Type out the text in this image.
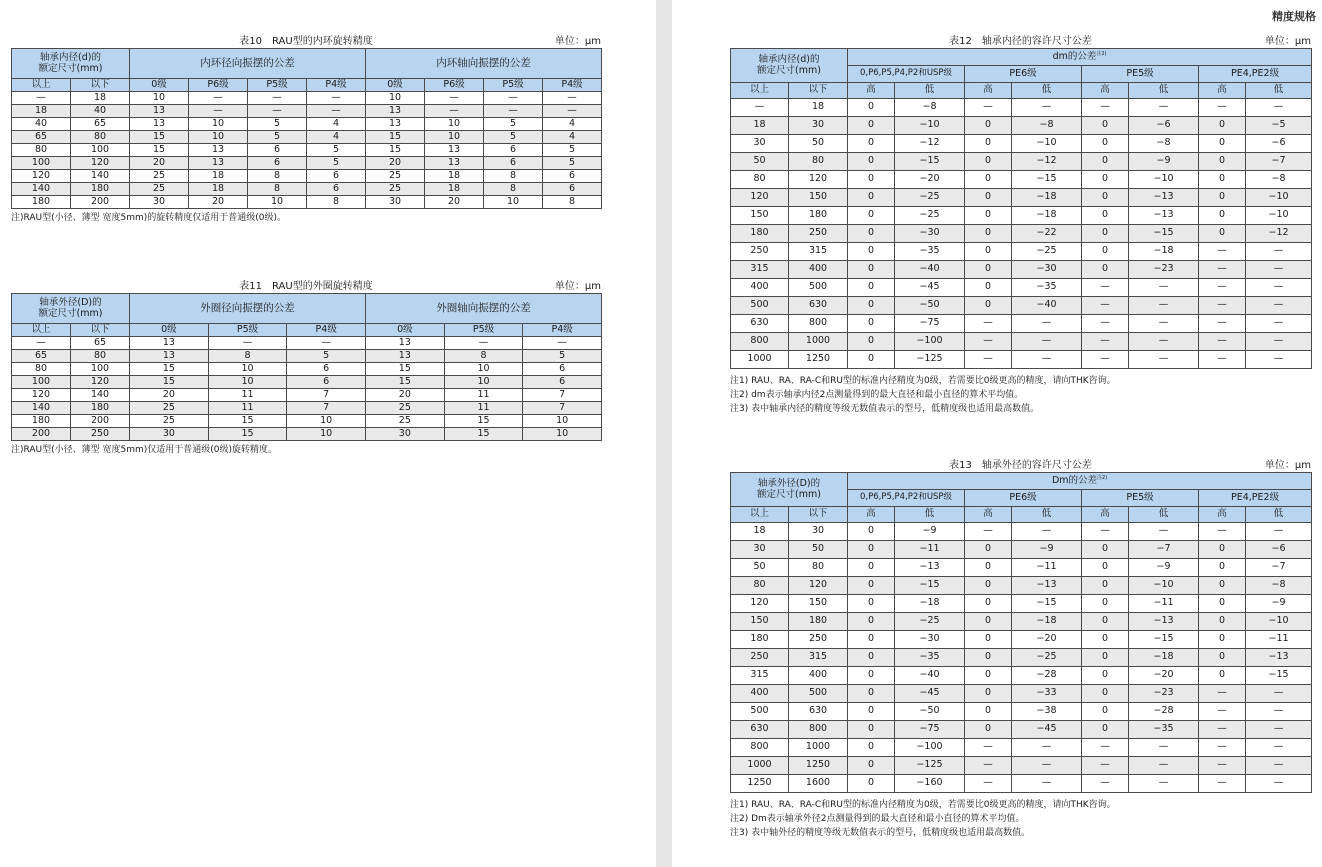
表10　RAU型的内环旋转精度	单位：μm
轴承内径(d)的
额定尺寸(mm)		内环径向振摆的公差				内环轴向振摆的公差			
以上	以下	0级	P6级	P5级	P4级	0级	P6级	P5级	P4级
—	18	10	—	—	—	10	—	—	—
18	40	13	—	—	—	13	—	—	—
40	65	13	10	5	4	13	10	5	4
65	80	15	10	5	4	15	10	5	4
80	100	15	13	6	5	15	13	6	5
100	120	20	13	6	5	20	13	6	5
120	140	25	18	8	6	25	18	8	6
140	180	25	18	8	6	25	18	8	6
180	200	30	20	10	8	30	20	10	8
注)RAU型(小径、薄型 宽度5mm)的旋转精度仅适用于普通级(0级)。
表11　RAU型的外圈旋转精度	单位：μm
轴承外径(D)的
额定尺寸(mm)		外圈径向振摆的公差			外圈轴向振摆的公差		
以上	以下	0级	P5级	P4级	0级	P5级	P4级
—	65	13	—	—	13	—	—
65	80	13	8	5	13	8	5
80	100	15	10	6	15	10	6
100	120	15	10	6	15	10	6
120	140	20	11	7	20	11	7
140	180	25	11	7	25	11	7
180	200	25	15	10	25	15	10
200	250	30	15	10	30	15	10
注)RAU型(小径、薄型 宽度5mm)仅适用于普通级(0级)旋转精度。
精度规格
表12　轴承内径的容许尺寸公差	单位：μm
轴承内径(d)的
额定尺寸(mm)		dm的公差$^{注2)}$
		0,P6,P5,P4,P2和USP级		PE6级		PE5级		PE4,PE2级	
以上	以下	高	低	高	低	高	低	高	低
—	18	0	−8	—	—	—	—	—	—
18	30	0	−10	0	−8	0	−6	0	−5
30	50	0	−12	0	−10	0	−8	0	−6
50	80	0	−15	0	−12	0	−9	0	−7
80	120	0	−20	0	−15	0	−10	0	−8
120	150	0	−25	0	−18	0	−13	0	−10
150	180	0	−25	0	−18	0	−13	0	−10
180	250	0	−30	0	−22	0	−15	0	−12
250	315	0	−35	0	−25	0	−18	—	—
315	400	0	−40	0	−30	0	−23	—	—
400	500	0	−45	0	−35	—	—	—	—
500	630	0	−50	0	−40	—	—	—	—
630	800	0	−75	—	—	—	—	—	—
800	1000	0	−100	—	—	—	—	—	—
1000	1250	0	−125	—	—	—	—	—	—
注1) RAU、RA、RA-C和RU型的标准内径精度为0级，若需要比0级更高的精度，请向THK咨询。
注2) dm表示轴承内径2点测量得到的最大直径和最小直径的算术平均值。
注3) 表中轴承内径的精度等级无数值表示的型号，低精度级也适用最高数值。
表13　轴承外径的容许尺寸公差	单位：μm
轴承外径(D)的
额定尺寸(mm)		Dm的公差$^{注2)}$
		0,P6,P5,P4,P2和USP级		PE6级		PE5级		PE4,PE2级	
以上	以下	高	低	高	低	高	低	高	低
18	30	0	−9	—	—	—	—	—	—
30	50	0	−11	0	−9	0	−7	0	−6
50	80	0	−13	0	−11	0	−9	0	−7
80	120	0	−15	0	−13	0	−10	0	−8
120	150	0	−18	0	−15	0	−11	0	−9
150	180	0	−25	0	−18	0	−13	0	−10
180	250	0	−30	0	−20	0	−15	0	−11
250	315	0	−35	0	−25	0	−18	0	−13
315	400	0	−40	0	−28	0	−20	0	−15
400	500	0	−45	0	−33	0	−23	—	—
500	630	0	−50	0	−38	0	−28	—	—
630	800	0	−75	0	−45	0	−35	—	—
800	1000	0	−100	—	—	—	—	—	—
1000	1250	0	−125	—	—	—	—	—	—
1250	1600	0	−160	—	—	—	—	—	—
注1) RAU、RA、RA-C和RU型的标准内径精度为0级，若需要比0级更高的精度，请向THK咨询。
注2) Dm表示轴承外径2点测量得到的最大直径和最小直径的算术平均值。
注3) 表中轴外径的精度等级无数值表示的型号，低精度级也适用最高数值。
